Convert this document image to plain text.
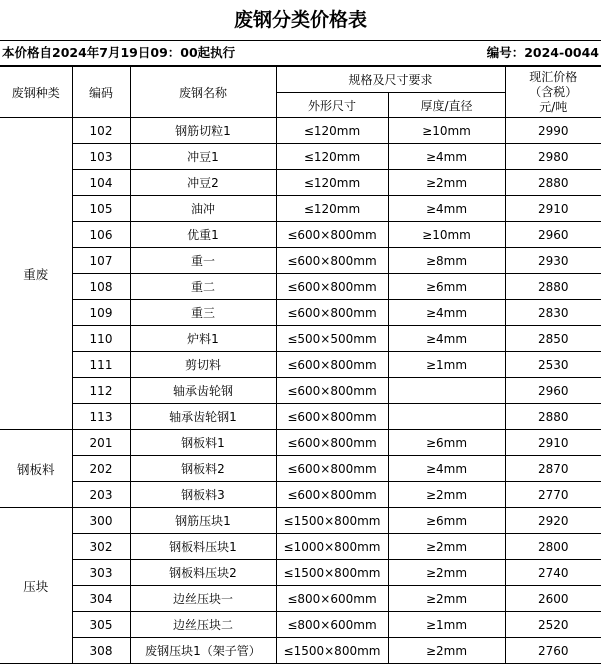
废钢分类价格表
本价格自2024年7月19日09：00起执行	编号：2024-0044
废钢种类	编码	废钢名称	规格及尺寸要求		现汇价格
（含税）
元/吨

			外形尺寸	厚度/直径	
重废	102	钢筋切粒1	≤120mm	≥10mm	2990
	103	冲豆1	≤120mm	≥4mm	2980
	104	冲豆2	≤120mm	≥2mm	2880
	105	油冲	≤120mm	≥4mm	2910
	106	优重1	≤600×800mm	≥10mm	2960
	107	重一	≤600×800mm	≥8mm	2930
	108	重二	≤600×800mm	≥6mm	2880
	109	重三	≤600×800mm	≥4mm	2830
	110	炉料1	≤500×500mm	≥4mm	2850
	111	剪切料	≤600×800mm	≥1mm	2530
	112	轴承齿轮钢	≤600×800mm		2960
	113	轴承齿轮钢1	≤600×800mm		2880
钢板料	201	钢板料1	≤600×800mm	≥6mm	2910
	202	钢板料2	≤600×800mm	≥4mm	2870
	203	钢板料3	≤600×800mm	≥2mm	2770
压块	300	钢筋压块1	≤1500×800mm	≥6mm	2920
	302	钢板料压块1	≤1000×800mm	≥2mm	2800
	303	钢板料压块2	≤1500×800mm	≥2mm	2740
	304	边丝压块一	≤800×600mm	≥2mm	2600
	305	边丝压块二	≤800×600mm	≥1mm	2520
	308	废钢压块1（架子管）	≤1500×800mm	≥2mm	2760
